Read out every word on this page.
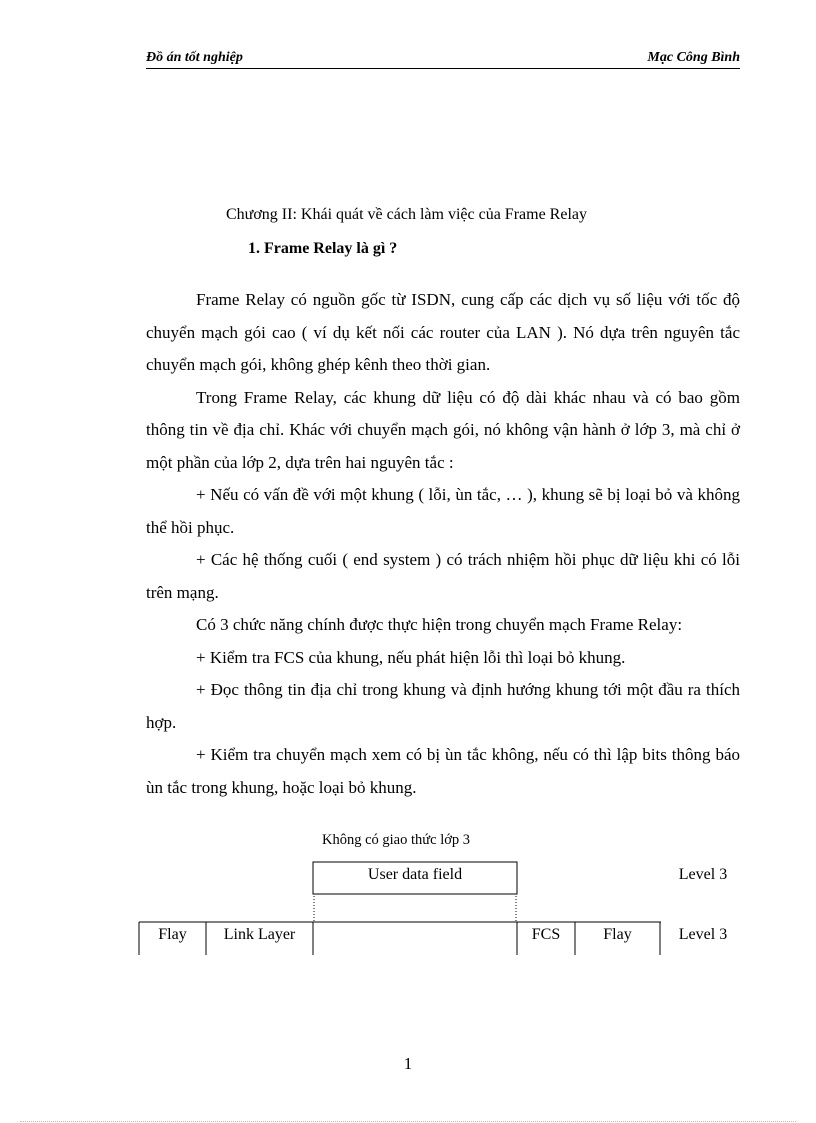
Đồ án tốt nghiệp	Mạc Công Bình
Chương II: Khái quát về cách làm việc của Frame Relay
1. Frame Relay là gì ?

Frame Relay có nguồn gốc từ ISDN, cung cấp các dịch vụ số liệu với tốc độ chuyển mạch gói cao ( ví dụ kết nối các router của LAN ). Nó dựa trên nguyên tắc chuyển mạch gói, không ghép kênh theo thời gian.

Trong Frame Relay, các khung dữ liệu có độ dài khác nhau và có bao gồm thông tin về địa chỉ. Khác với chuyển mạch gói, nó không vận hành ở lớp 3, mà chỉ ở một phần của lớp 2, dựa trên hai nguyên tắc :

+ Nếu có vấn đề với một khung ( lỗi, ùn tắc, … ), khung sẽ bị loại bỏ và không thể hồi phục.

+ Các hệ thống cuối ( end system ) có trách nhiệm hồi phục dữ liệu khi có lỗi trên mạng.

Có 3 chức năng chính được thực hiện trong chuyển mạch Frame Relay:

+ Kiểm tra FCS của khung, nếu phát hiện lỗi thì loại bỏ khung.

+ Đọc thông tin địa chỉ trong khung và định hướng khung tới một đầu ra thích hợp.

+ Kiểm tra chuyển mạch xem có bị ùn tắc không, nếu có thì lập bits thông báo ùn tắc trong khung, hoặc loại bỏ khung.

Không có giao thức lớp 3
User data field	Level 3
Flay	Link Layer	FCS	Flay	Level 3
1
